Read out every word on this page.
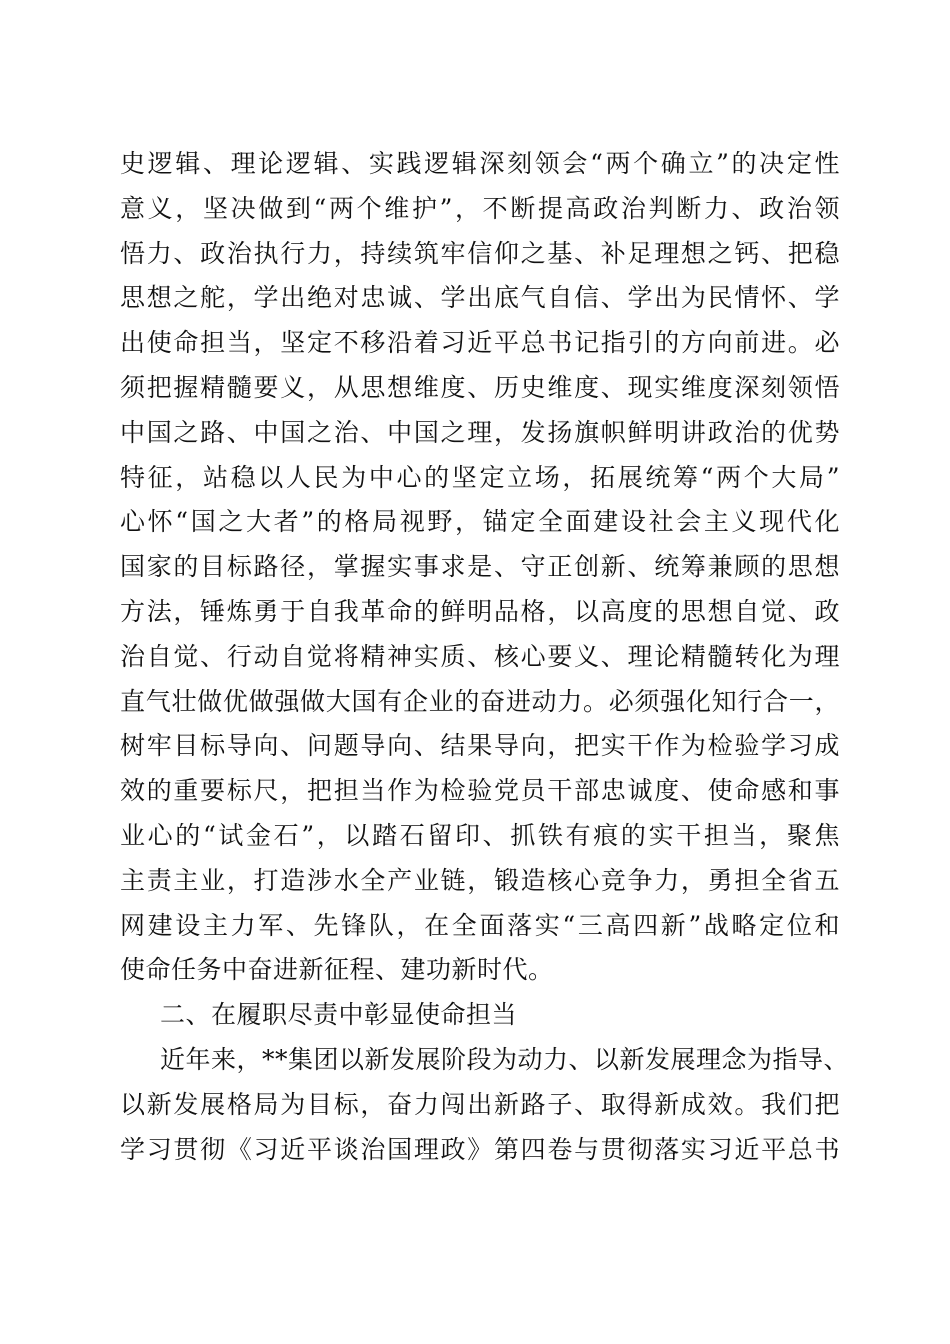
史逻辑、理论逻辑、实践逻辑深刻领会“两个确立”的决定性
意义，坚决做到“两个维护”，不断提高政治判断力、政治领
悟力、政治执行力，持续筑牢信仰之基、补足理想之钙、把稳
思想之舵，学出绝对忠诚、学出底气自信、学出为民情怀、学
出使命担当，坚定不移沿着习近平总书记指引的方向前进。必
须把握精髓要义，从思想维度、历史维度、现实维度深刻领悟
中国之路、中国之治、中国之理，发扬旗帜鲜明讲政治的优势
特征，站稳以人民为中心的坚定立场，拓展统筹“两个大局”
心怀“国之大者”的格局视野，锚定全面建设社会主义现代化
国家的目标路径，掌握实事求是、守正创新、统筹兼顾的思想
方法，锤炼勇于自我革命的鲜明品格，以高度的思想自觉、政
治自觉、行动自觉将精神实质、核心要义、理论精髓转化为理
直气壮做优做强做大国有企业的奋进动力。必须强化知行合一，
树牢目标导向、问题导向、结果导向，把实干作为检验学习成
效的重要标尺，把担当作为检验党员干部忠诚度、使命感和事
业心的“试金石”，以踏石留印、抓铁有痕的实干担当，聚焦
主责主业，打造涉水全产业链，锻造核心竞争力，勇担全省五
网建设主力军、先锋队，在全面落实“三高四新”战略定位和
使命任务中奋进新征程、建功新时代。
二、在履职尽责中彰显使命担当
近年来，**集团以新发展阶段为动力、以新发展理念为指导、
以新发展格局为目标，奋力闯出新路子、取得新成效。我们把
学习贯彻《习近平谈治国理政》第四卷与贯彻落实习近平总书
